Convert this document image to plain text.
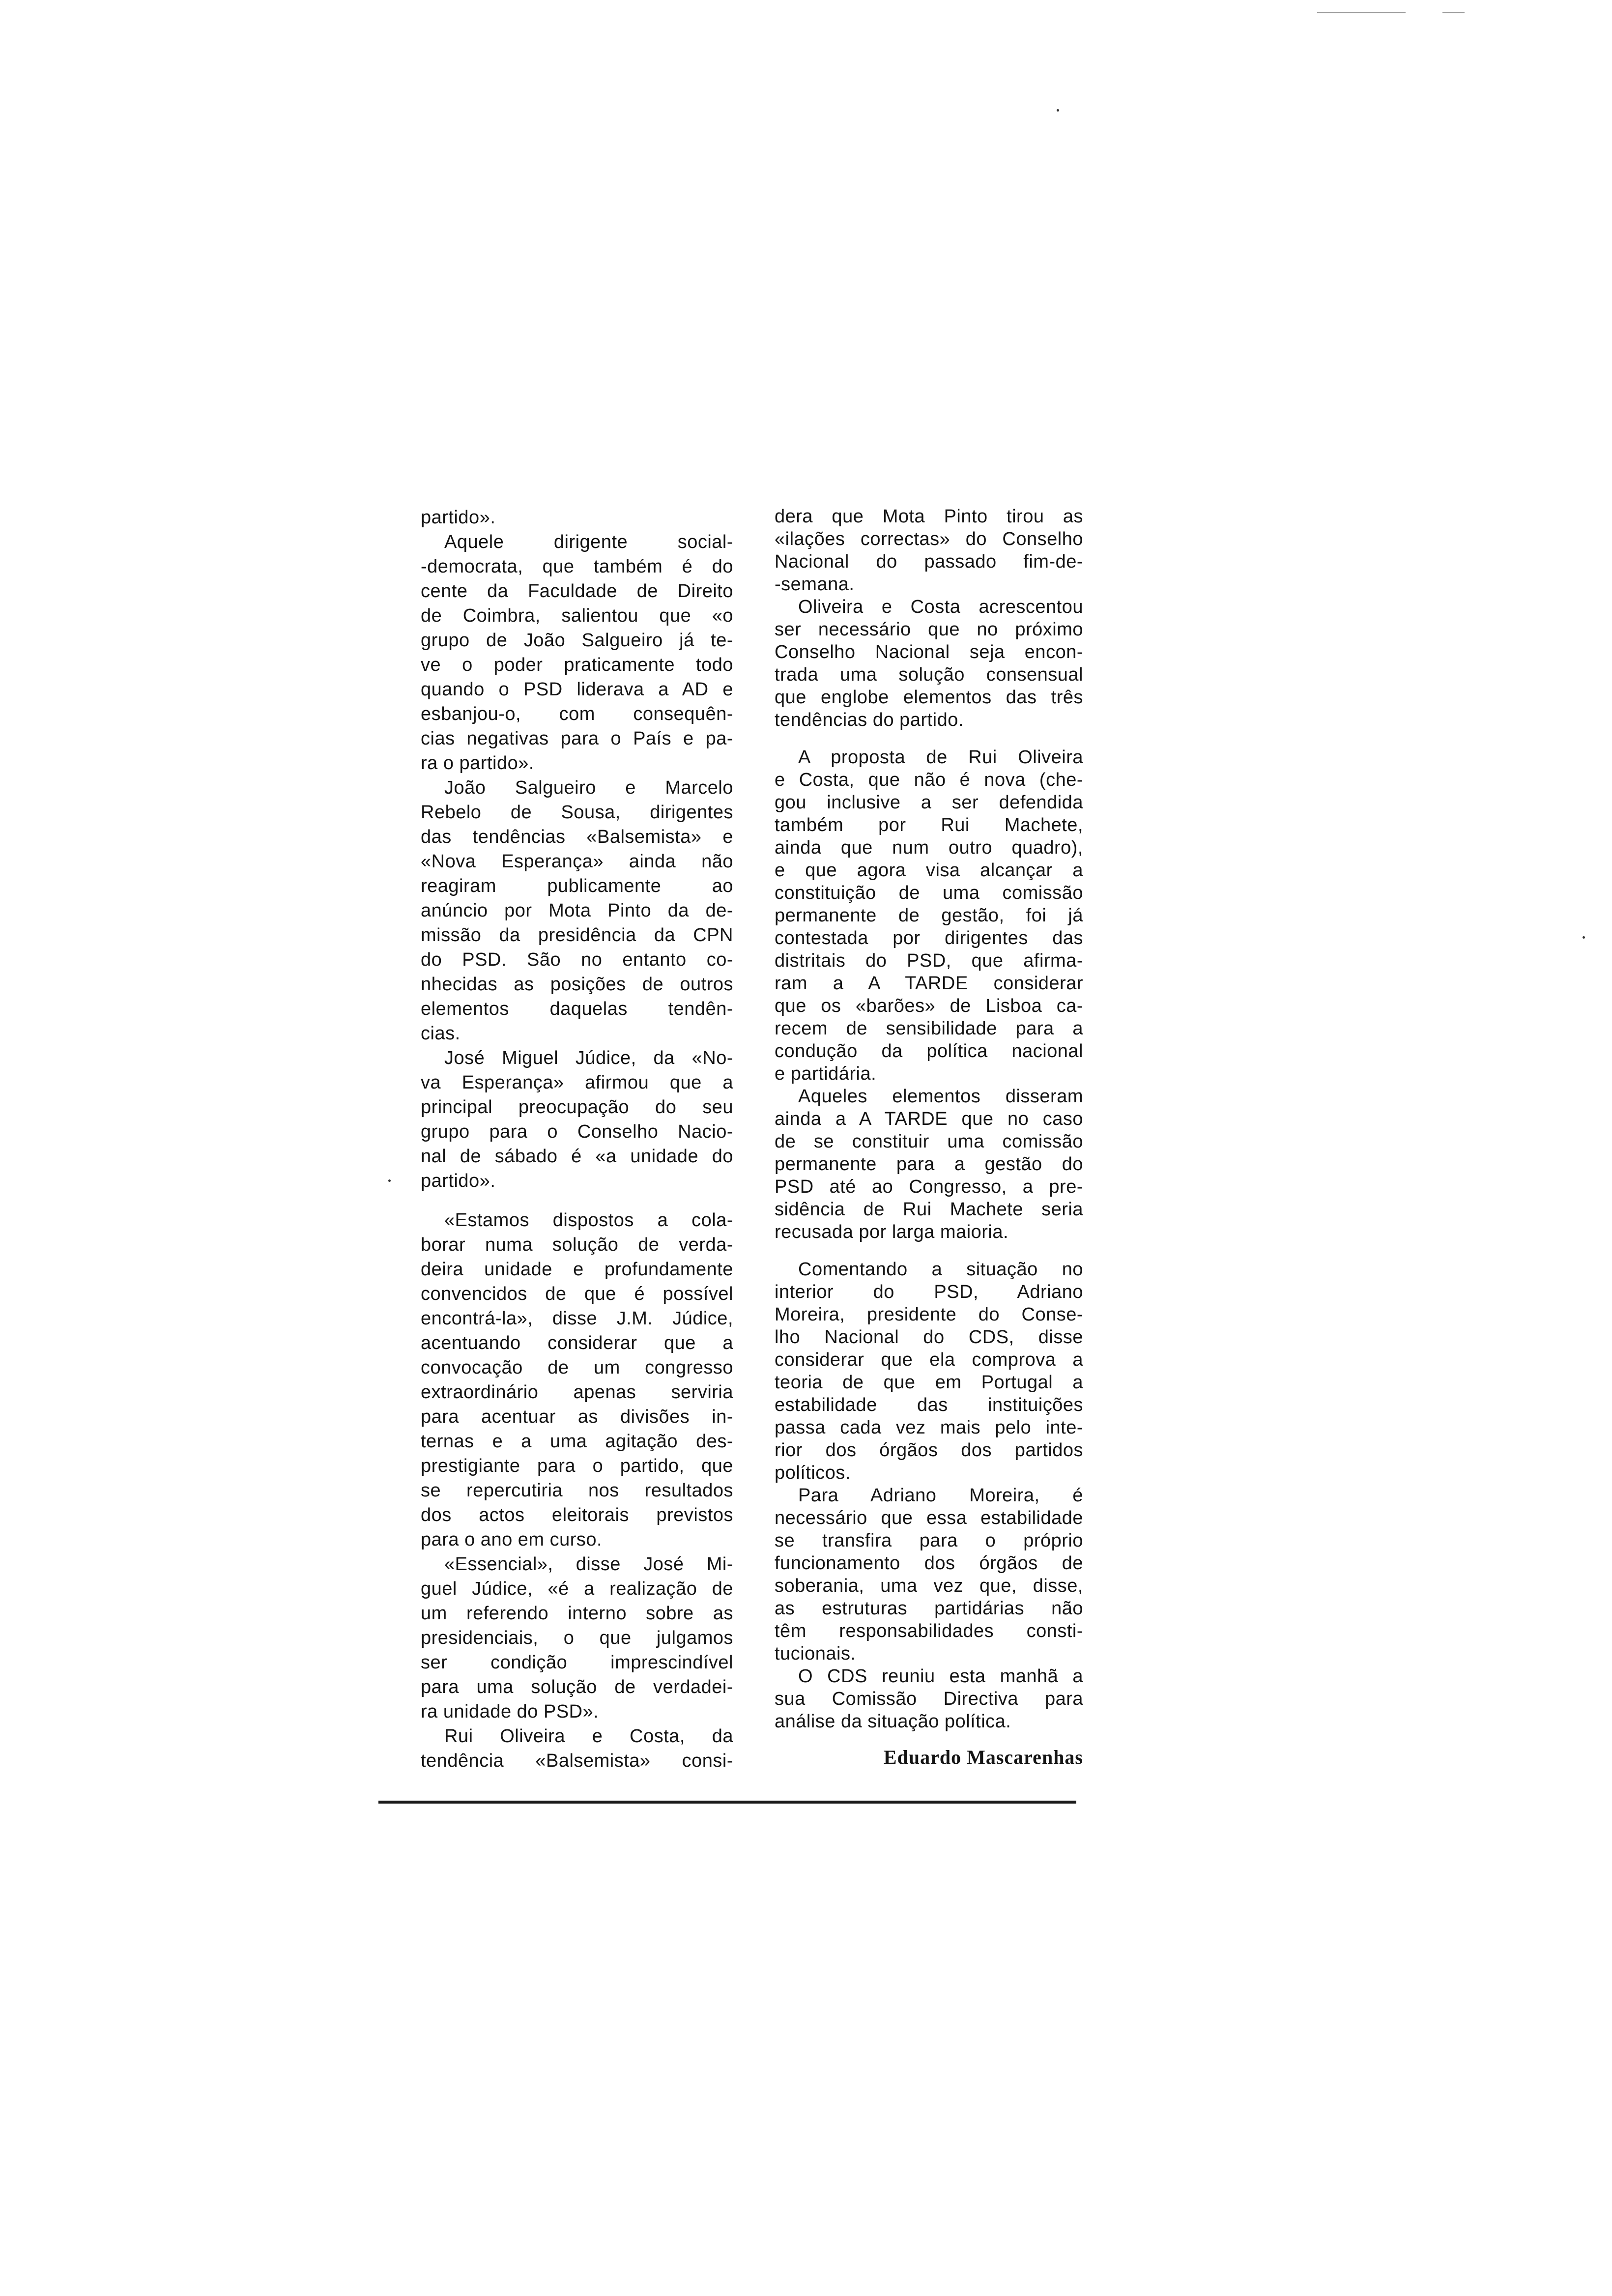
partido».
Aquele dirigente social-
-democrata, que também é do
cente da Faculdade de Direito
de Coimbra, salientou que «o
grupo de João Salgueiro já te-
ve o poder praticamente todo
quando o PSD liderava a AD e
esbanjou-o, com consequên-
cias negativas para o País e pa-
ra o partido».
João Salgueiro e Marcelo
Rebelo de Sousa, dirigentes
das tendências «Balsemista» e
«Nova Esperança» ainda não
reagiram publicamente ao
anúncio por Mota Pinto da de-
missão da presidência da CPN
do PSD. São no entanto co-
nhecidas as posições de outros
elementos daquelas tendên-
cias.
José Miguel Júdice, da «No-
va Esperança» afirmou que a
principal preocupação do seu
grupo para o Conselho Nacio-
nal de sábado é «a unidade do
partido».
«Estamos dispostos a cola-
borar numa solução de verda-
deira unidade e profundamente
convencidos de que é possível
encontrá-la», disse J.M. Júdice,
acentuando considerar que a
convocação de um congresso
extraordinário apenas serviria
para acentuar as divisões in-
ternas e a uma agitação des-
prestigiante para o partido, que
se repercutiria nos resultados
dos actos eleitorais previstos
para o ano em curso.
«Essencial», disse José Mi-
guel Júdice, «é a realização de
um referendo interno sobre as
presidenciais, o que julgamos
ser condição imprescindível
para uma solução de verdadei-
ra unidade do PSD».
Rui Oliveira e Costa, da
tendência «Balsemista» consi-
dera que Mota Pinto tirou as
«ilações correctas» do Conselho
Nacional do passado fim-de-
-semana.
Oliveira e Costa acrescentou
ser necessário que no próximo
Conselho Nacional seja encon-
trada uma solução consensual
que englobe elementos das três
tendências do partido.
A proposta de Rui Oliveira
e Costa, que não é nova (che-
gou inclusive a ser defendida
também por Rui Machete,
ainda que num outro quadro),
e que agora visa alcançar a
constituição de uma comissão
permanente de gestão, foi já
contestada por dirigentes das
distritais do PSD, que afirma-
ram a A TARDE considerar
que os «barões» de Lisboa ca-
recem de sensibilidade para a
condução da política nacional
e partidária.
Aqueles elementos disseram
ainda a A TARDE que no caso
de se constituir uma comissão
permanente para a gestão do
PSD até ao Congresso, a pre-
sidência de Rui Machete seria
recusada por larga maioria.
Comentando a situação no
interior do PSD, Adriano
Moreira, presidente do Conse-
lho Nacional do CDS, disse
considerar que ela comprova a
teoria de que em Portugal a
estabilidade das instituições
passa cada vez mais pelo inte-
rior dos órgãos dos partidos
políticos.
Para Adriano Moreira, é
necessário que essa estabilidade
se transfira para o próprio
funcionamento dos órgãos de
soberania, uma vez que, disse,
as estruturas partidárias não
têm responsabilidades consti-
tucionais.
O CDS reuniu esta manhã a
sua Comissão Directiva para
análise da situação política.
Eduardo Mascarenhas
